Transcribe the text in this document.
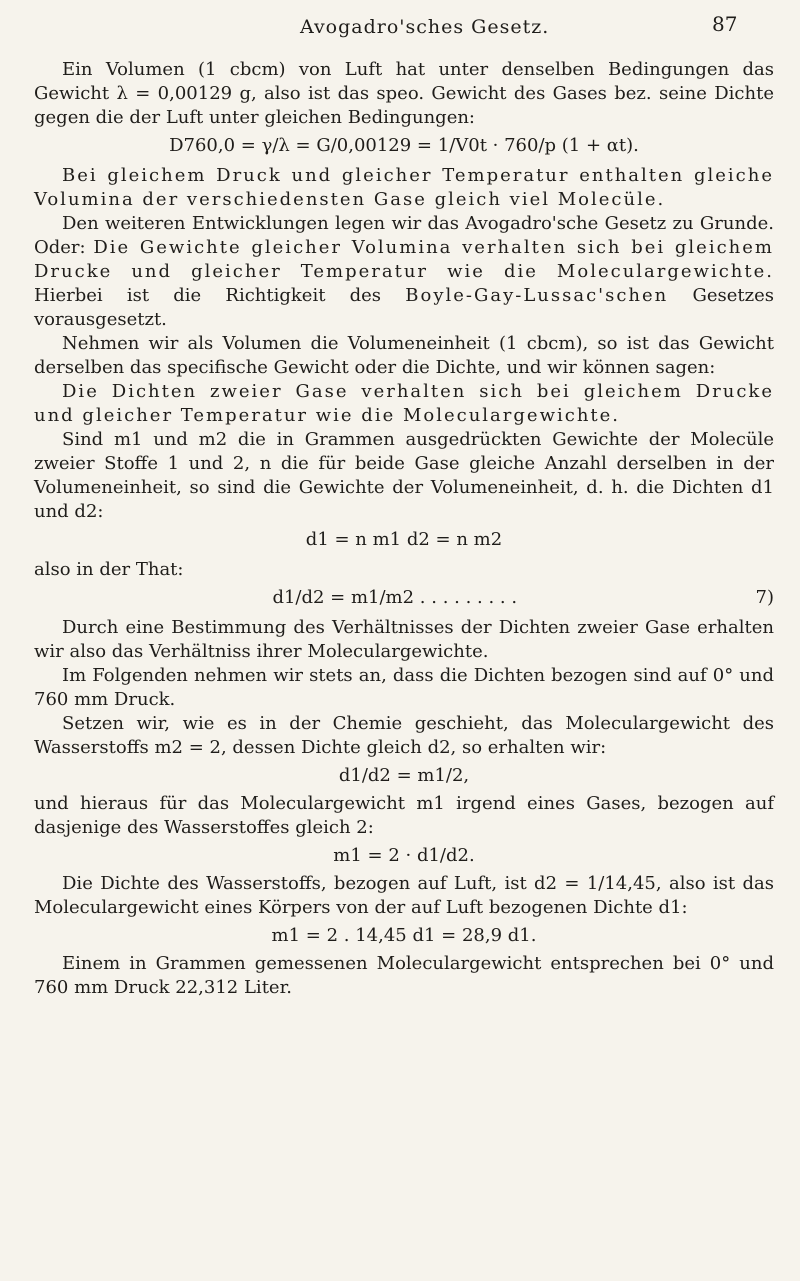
Avogadro'sches Gesetz.	87

Ein Volumen (1 cbcm) von Luft hat unter denselben Bedingungen das Gewicht λ = 0,00129 g, also ist das speo. Gewicht des Gases bez. seine Dichte gegen die der Luft unter gleichen Bedingungen:

D760,0 = γ/λ = G/0,00129 = 1/V0t · 760/p (1 + αt).

Bei gleichem Druck und gleicher Temperatur enthalten gleiche Volumina der verschiedensten Gase gleich viel Molecüle.

Den weiteren Entwicklungen legen wir das Avogadro'sche Gesetz zu Grunde. Oder: Die Gewichte gleicher Volumina verhalten sich bei gleichem Drucke und gleicher Temperatur wie die Moleculargewichte. Hierbei ist die Richtigkeit des Boyle-Gay-Lussac'schen Gesetzes vorausgesetzt.

Nehmen wir als Volumen die Volumeneinheit (1 cbcm), so ist das Gewicht derselben das specifische Gewicht oder die Dichte, und wir können sagen:

Die Dichten zweier Gase verhalten sich bei gleichem Drucke und gleicher Temperatur wie die Moleculargewichte.

Sind m1 und m2 die in Grammen ausgedrückten Gewichte der Molecüle zweier Stoffe 1 und 2, n die für beide Gase gleiche Anzahl derselben in der Volumeneinheit, so sind die Gewichte der Volumeneinheit, d. h. die Dichten d1 und d2:

d1 = n m1 d2 = n m2

also in der That:

d1/d2 = m1/m2 . . . . . . . . .	7)

Durch eine Bestimmung des Verhältnisses der Dichten zweier Gase erhalten wir also das Verhältniss ihrer Moleculargewichte.

Im Folgenden nehmen wir stets an, dass die Dichten bezogen sind auf 0° und 760 mm Druck.

Setzen wir, wie es in der Chemie geschieht, das Moleculargewicht des Wasserstoffs m2 = 2, dessen Dichte gleich d2, so erhalten wir:

d1/d2 = m1/2,

und hieraus für das Moleculargewicht m1 irgend eines Gases, bezogen auf dasjenige des Wasserstoffes gleich 2:

m1 = 2 · d1/d2.

Die Dichte des Wasserstoffs, bezogen auf Luft, ist d2 = 1/14,45, also ist das Moleculargewicht eines Körpers von der auf Luft bezogenen Dichte d1:

m1 = 2 . 14,45 d1 = 28,9 d1.

Einem in Grammen gemessenen Moleculargewicht entsprechen bei 0° und 760 mm Druck 22,312 Liter.
